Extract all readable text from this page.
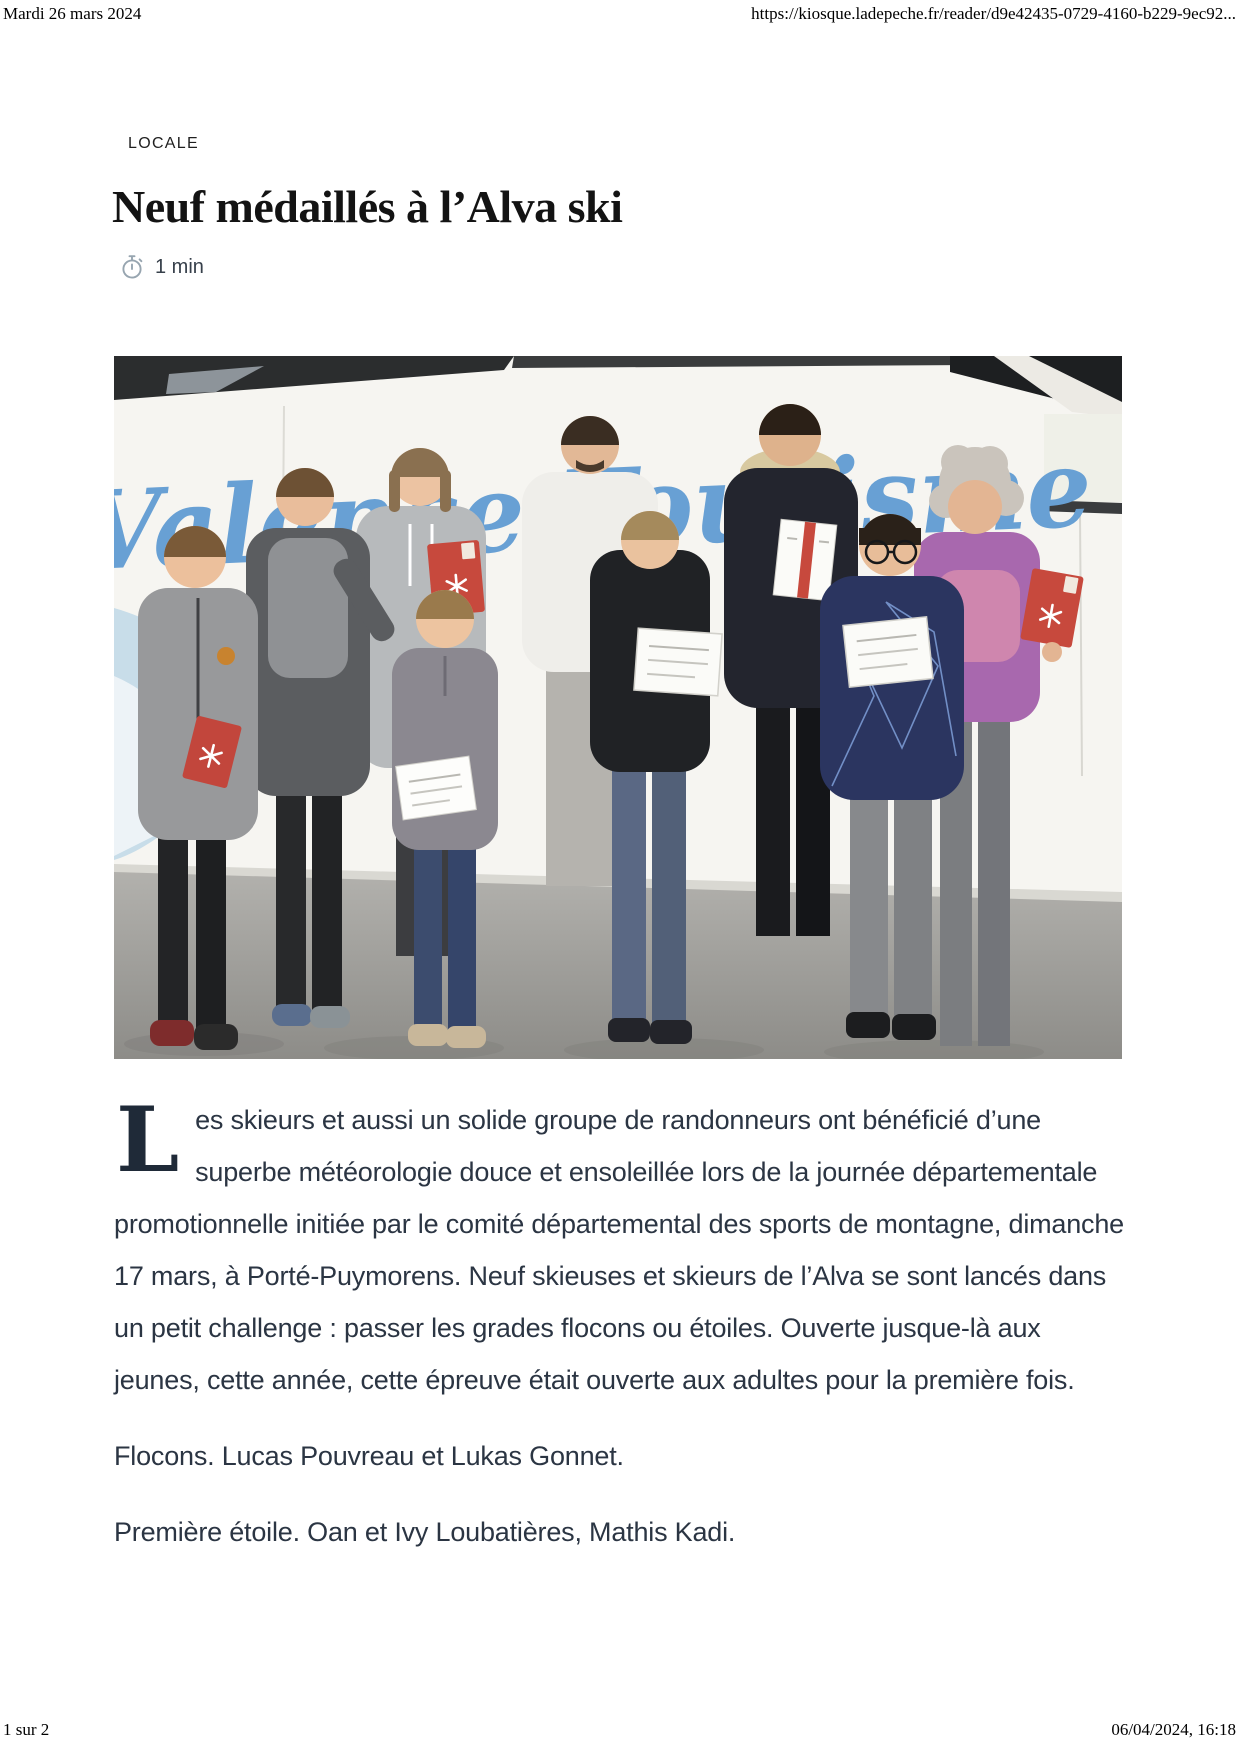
Mardi 26 mars 2024	https://kiosque.ladepeche.fr/reader/d9e42435-0729-4160-b229-9ec92...
LOCALE
Neuf médaillés à l’Alva ski
1 min

Les skieurs et aussi un solide groupe de randonneurs ont bénéficié d’une superbe météorologie douce et ensoleillée lors de la journée départementale promotionnelle initiée par le comité départemental des sports de montagne, dimanche 17 mars, à Porté-Puymorens. Neuf skieuses et skieurs de l’Alva se sont lancés dans un petit challenge : passer les grades flocons ou étoiles. Ouverte jusque-là aux jeunes, cette année, cette épreuve était ouverte aux adultes pour la première fois.

Flocons. Lucas Pouvreau et Lukas Gonnet.

Première étoile. Oan et Ivy Loubatières, Mathis Kadi.

1 sur 2	06/04/2024, 16:18
